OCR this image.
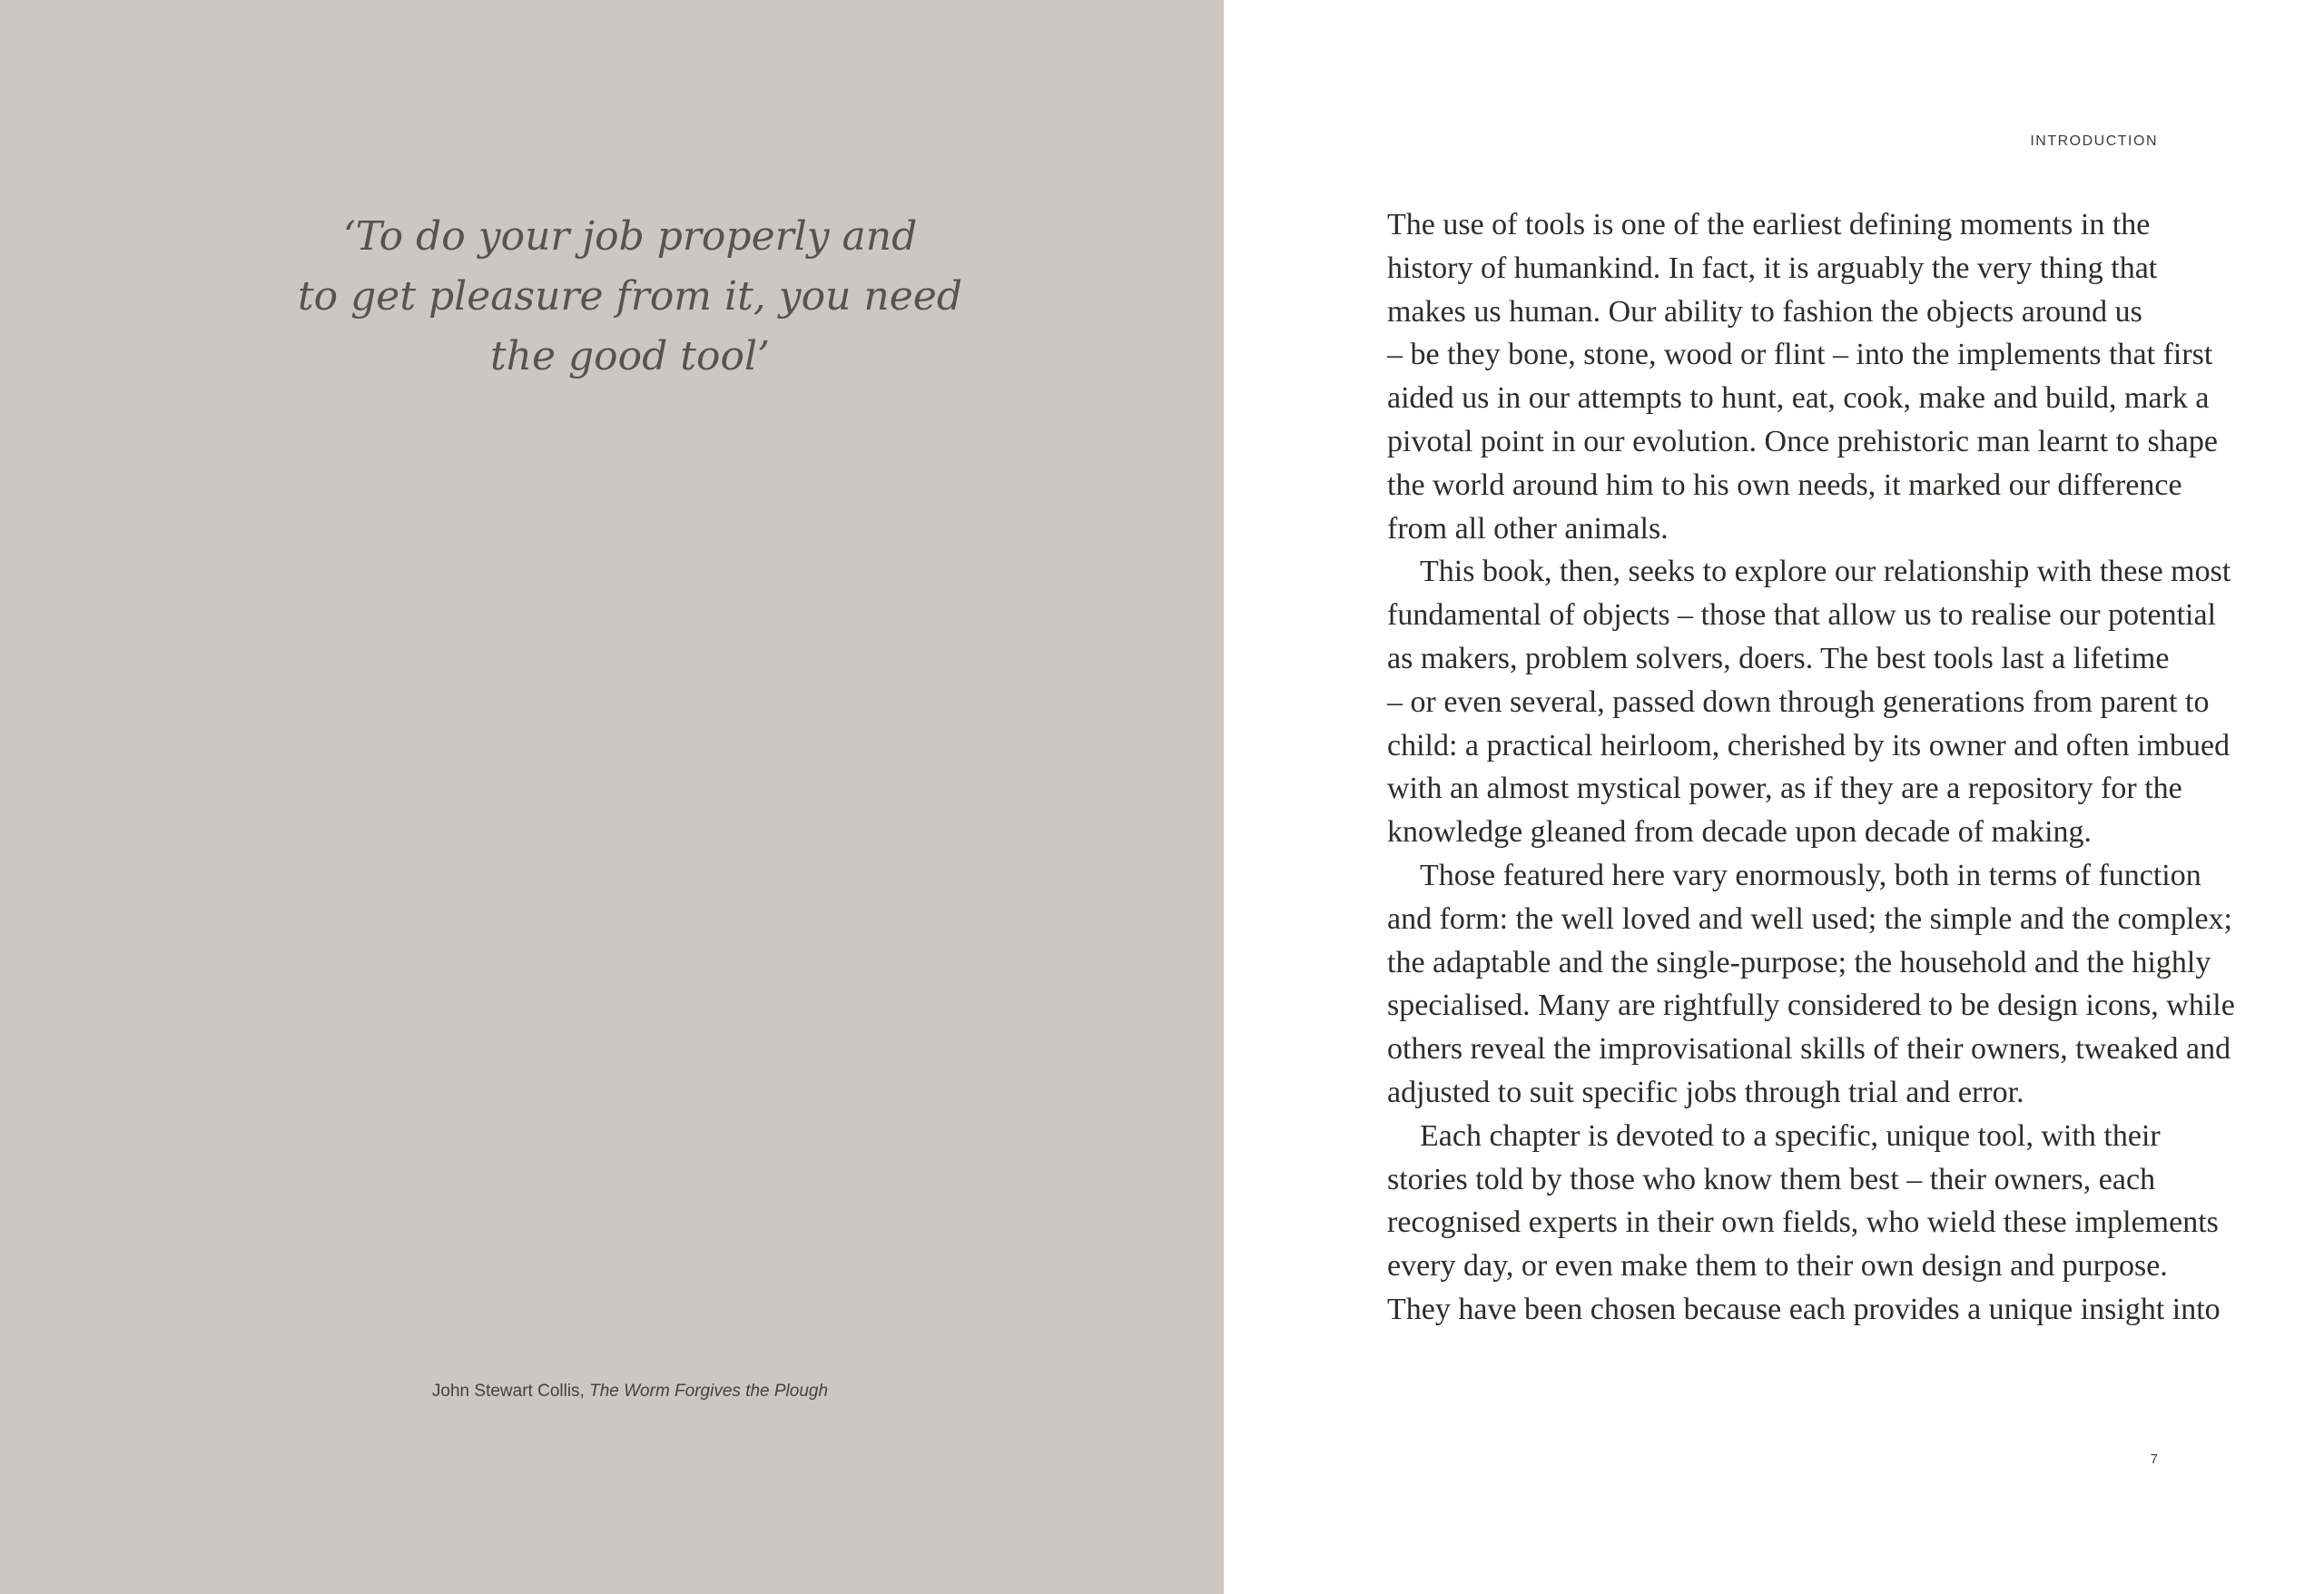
‘To do your job properly and
to get pleasure from it, you need
the good tool’

John Stewart Collis, The Worm Forgives the Plough
INTRODUCTION
The use of tools is one of the earliest defining moments in the
history of humankind. In fact, it is arguably the very thing that
makes us human. Our ability to fashion the objects around us
– be they bone, stone, wood or flint – into the implements that first
aided us in our attempts to hunt, eat, cook, make and build, mark a
pivotal point in our evolution. Once prehistoric man learnt to shape
the world around him to his own needs, it marked our difference
from all other animals.
This book, then, seeks to explore our relationship with these most
fundamental of objects – those that allow us to realise our potential
as makers, problem solvers, doers. The best tools last a lifetime
– or even several, passed down through generations from parent to
child: a practical heirloom, cherished by its owner and often imbued
with an almost mystical power, as if they are a repository for the
knowledge gleaned from decade upon decade of making.
Those featured here vary enormously, both in terms of function
and form: the well loved and well used; the simple and the complex;
the adaptable and the single-purpose; the household and the highly
specialised. Many are rightfully considered to be design icons, while
others reveal the improvisational skills of their owners, tweaked and
adjusted to suit specific jobs through trial and error.
Each chapter is devoted to a specific, unique tool, with their
stories told by those who know them best – their owners, each
recognised experts in their own fields, who wield these implements
every day, or even make them to their own design and purpose.
They have been chosen because each provides a unique insight into
7
